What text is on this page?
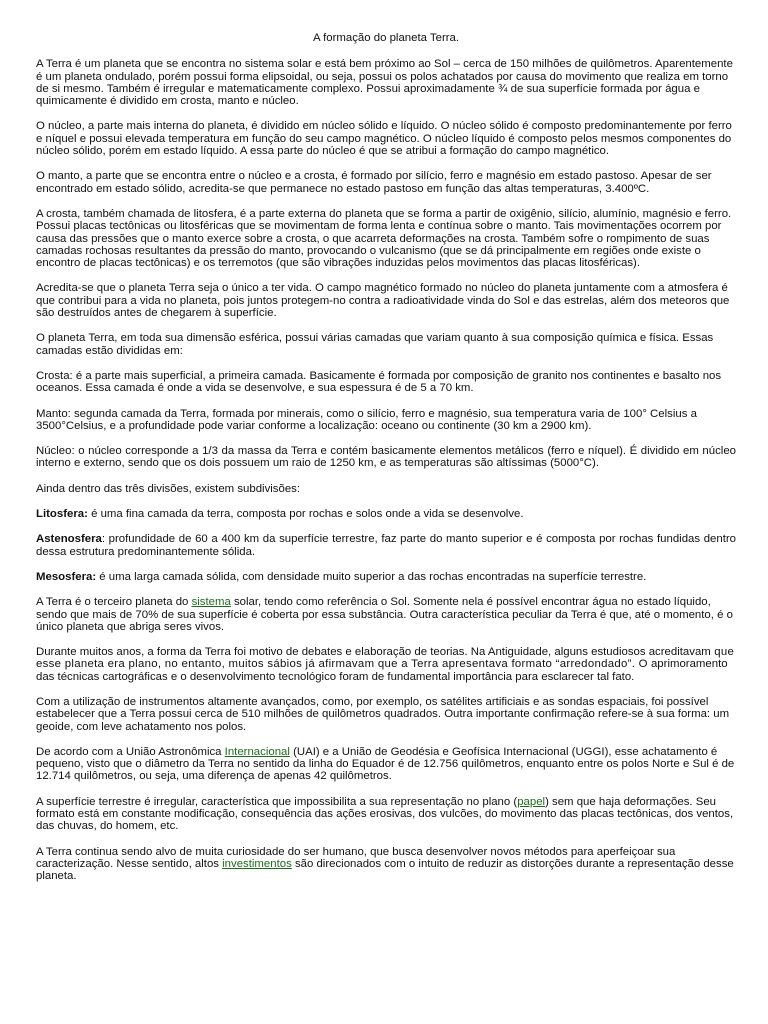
A formação do planeta Terra.
A Terra é um planeta que se encontra no sistema solar e está bem próximo ao Sol – cerca de 150 milhões de quilômetros. Aparentemente é um planeta ondulado, porém possui forma elipsoidal, ou seja, possui os polos achatados por causa do movimento que realiza em torno de si mesmo. Também é irregular e matematicamente complexo. Possui aproximadamente ¾ de sua superfície formada por água e quimicamente é dividido em crosta, manto e núcleo.
O núcleo, a parte mais interna do planeta, é dividido em núcleo sólido e líquido. O núcleo sólido é composto predominantemente por ferro e níquel e possui elevada temperatura em função do seu campo magnético. O núcleo líquido é composto pelos mesmos componentes do núcleo sólido, porém em estado líquido. A essa parte do núcleo é que se atribui a formação do campo magnético.
O manto, a parte que se encontra entre o núcleo e a crosta, é formado por silício, ferro e magnésio em estado pastoso. Apesar de ser encontrado em estado sólido, acredita-se que permanece no estado pastoso em função das altas temperaturas, 3.400ºC.
A crosta, também chamada de litosfera, é a parte externa do planeta que se forma a partir de oxigênio, silício, alumínio, magnésio e ferro. Possui placas tectônicas ou litosféricas que se movimentam de forma lenta e contínua sobre o manto. Tais movimentações ocorrem por causa das pressões que o manto exerce sobre a crosta, o que acarreta deformações na crosta. Também sofre o rompimento de suas camadas rochosas resultantes da pressão do manto, provocando o vulcanismo (que se dá principalmente em regiões onde existe o encontro de placas tectônicas) e os terremotos (que são vibrações induzidas pelos movimentos das placas litosféricas).
Acredita-se que o planeta Terra seja o único a ter vida. O campo magnético formado no núcleo do planeta juntamente com a atmosfera é que contribui para a vida no planeta, pois juntos protegem-no contra a radioatividade vinda do Sol e das estrelas, além dos meteoros que são destruídos antes de chegarem à superfície.
O planeta Terra, em toda sua dimensão esférica, possui várias camadas que variam quanto à sua composição química e física. Essas camadas estão divididas em:
Crosta: é a parte mais superficial, a primeira camada. Basicamente é formada por composição de granito nos continentes e basalto nos oceanos. Essa camada é onde a vida se desenvolve, e sua espessura é de 5 a 70 km.
Manto: segunda camada da Terra, formada por minerais, como o silício, ferro e magnésio, sua temperatura varia de 100° Celsius a 3500°Celsius, e a profundidade pode variar conforme a localização: oceano ou continente (30 km a 2900 km).
Núcleo: o núcleo corresponde a 1/3 da massa da Terra e contém basicamente elementos metálicos (ferro e níquel). É dividido em núcleo interno e externo, sendo que os dois possuem um raio de 1250 km, e as temperaturas são altíssimas (5000°C).
Ainda dentro das três divisões, existem subdivisões:
Litosfera: é uma fina camada da terra, composta por rochas e solos onde a vida se desenvolve.
Astenosfera: profundidade de 60 a 400 km da superfície terrestre, faz parte do manto superior e é composta por rochas fundidas dentro dessa estrutura predominantemente sólida.
Mesosfera: é uma larga camada sólida, com densidade muito superior a das rochas encontradas na superfície terrestre.
A Terra é o terceiro planeta do sistema solar, tendo como referência o Sol. Somente nela é possível encontrar água no estado líquido, sendo que mais de 70% de sua superfície é coberta por essa substância. Outra característica peculiar da Terra é que, até o momento, é o único planeta que abriga seres vivos.
Durante muitos anos, a forma da Terra foi motivo de debates e elaboração de teorias. Na Antiguidade, alguns estudiosos acreditavam que esse planeta era plano, no entanto, muitos sábios já afirmavam que a Terra apresentava formato “arredondado”. O aprimoramento das técnicas cartográficas e o desenvolvimento tecnológico foram de fundamental importância para esclarecer tal fato.
Com a utilização de instrumentos altamente avançados, como, por exemplo, os satélites artificiais e as sondas espaciais, foi possível estabelecer que a Terra possui cerca de 510 milhões de quilômetros quadrados. Outra importante confirmação refere-se à sua forma: um geoide, com leve achatamento nos polos.
De acordo com a União Astronômica Internacional (UAI) e a União de Geodésia e Geofísica Internacional (UGGI), esse achatamento é pequeno, visto que o diâmetro da Terra no sentido da linha do Equador é de 12.756 quilômetros, enquanto entre os polos Norte e Sul é de 12.714 quilômetros, ou seja, uma diferença de apenas 42 quilômetros.
A superfície terrestre é irregular, característica que impossibilita a sua representação no plano (papel) sem que haja deformações. Seu formato está em constante modificação, consequência das ações erosivas, dos vulcões, do movimento das placas tectônicas, dos ventos, das chuvas, do homem, etc.
A Terra continua sendo alvo de muita curiosidade do ser humano, que busca desenvolver novos métodos para aperfeiçoar sua caracterização. Nesse sentido, altos investimentos são direcionados com o intuito de reduzir as distorções durante a representação desse planeta.
